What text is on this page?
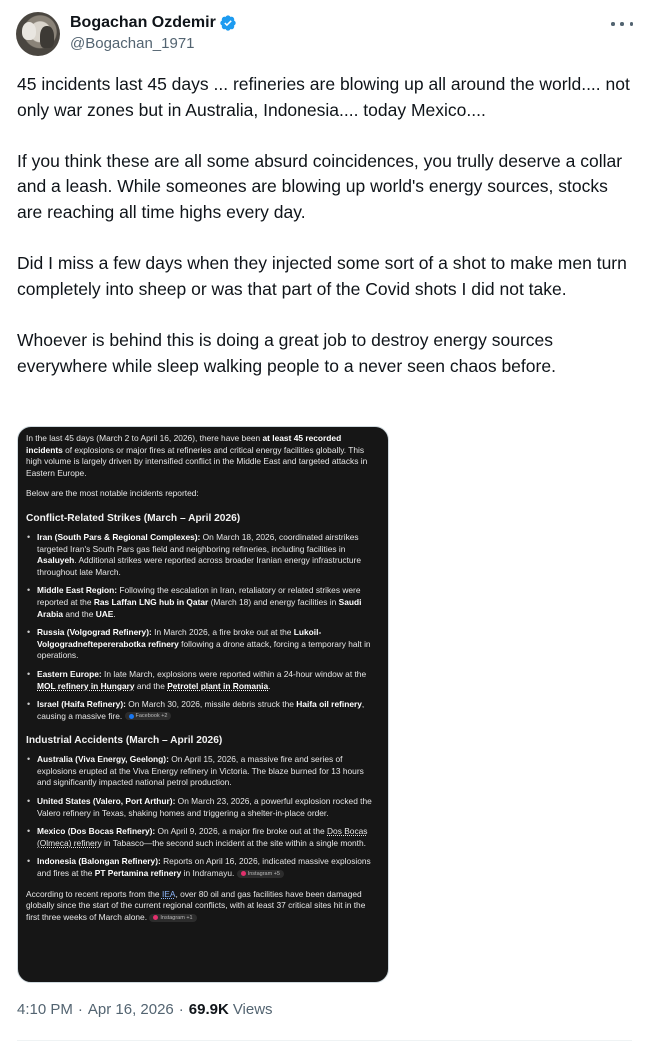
Bogachan Ozdemir
@Bogachan_1971

45 incidents last 45 days ... refineries are blowing up all around the world.... not only war zones but in Australia, Indonesia.... today Mexico....

If you think these are all some absurd coincidences, you trully deserve a collar and a leash. While someones are blowing up world's energy sources, stocks are reaching all time highs every day.

Did I miss a few days when they injected some sort of a shot to make men turn completely into sheep or was that part of the Covid shots I did not take.

Whoever is behind this is doing a great job to destroy energy sources everywhere while sleep walking people to a never seen chaos before.

In the last 45 days (March 2 to April 16, 2026), there have been at least 45 recorded incidents of explosions or major fires at refineries and critical energy facilities globally. This high volume is largely driven by intensified conflict in the Middle East and targeted attacks in Eastern Europe.

Below are the most notable incidents reported:

Conflict-Related Strikes (March – April 2026)
• Iran (South Pars & Regional Complexes): On March 18, 2026, coordinated airstrikes targeted Iran's South Pars gas field and neighboring refineries, including facilities in Asaluyeh. Additional strikes were reported across broader Iranian energy infrastructure throughout late March.
• Middle East Region: Following the escalation in Iran, retaliatory or related strikes were reported at the Ras Laffan LNG hub in Qatar (March 18) and energy facilities in Saudi Arabia and the UAE.
• Russia (Volgograd Refinery): In March 2026, a fire broke out at the Lukoil-Volgogradneftepererabotka refinery following a drone attack, forcing a temporary halt in operations.
• Eastern Europe: In late March, explosions were reported within a 24-hour window at the MOL refinery in Hungary and the Petrotel plant in Romania.
• Israel (Haifa Refinery): On March 30, 2026, missile debris struck the Haifa oil refinery, causing a massive fire. Facebook +2
Industrial Accidents (March – April 2026)
• Australia (Viva Energy, Geelong): On April 15, 2026, a massive fire and series of explosions erupted at the Viva Energy refinery in Victoria. The blaze burned for 13 hours and significantly impacted national petrol production.
• United States (Valero, Port Arthur): On March 23, 2026, a powerful explosion rocked the Valero refinery in Texas, shaking homes and triggering a shelter-in-place order.
• Mexico (Dos Bocas Refinery): On April 9, 2026, a major fire broke out at the Dos Bocas (Olmeca) refinery in Tabasco—the second such incident at the site within a single month.
• Indonesia (Balongan Refinery): Reports on April 16, 2026, indicated massive explosions and fires at the PT Pertamina refinery in Indramayu. Instagram +5

According to recent reports from the IEA, over 80 oil and gas facilities have been damaged globally since the start of the current regional conflicts, with at least 37 critical sites hit in the first three weeks of March alone. Instagram +1

4:10 PM · Apr 16, 2026 · 69.9K Views
